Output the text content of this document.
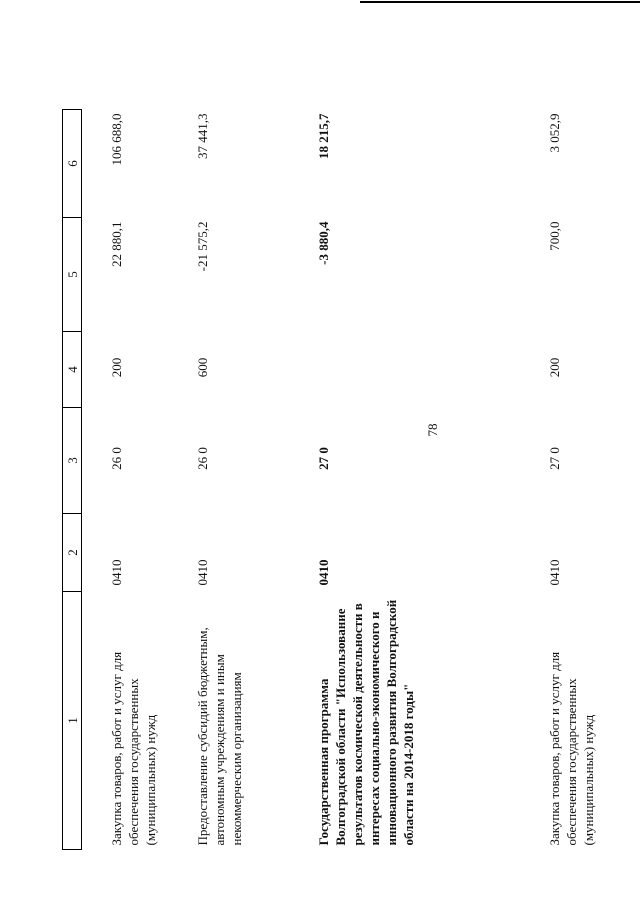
78
1	2	3	4	5	6
Закупка товаров, работ и услуг для обеспечения государственных (муниципальных) нужд	0410	26 0	200	22 880,1	106 688,0
Предоставление субсидий бюджетным, автономным учреждениям и иным некоммерческим организациям	0410	26 0	600	-21 575,2	37 441,3
Государственная программа Волгоградской области "Использование результатов космической деятельности в интересах социально-экономического и инновационного развития Волгоградской области на 2014-2018 годы"	0410	27 0		-3 880,4	18 215,7
Закупка товаров, работ и услуг для обеспечения государственных (муниципальных) нужд	0410	27 0	200	700,0	3 052,9
